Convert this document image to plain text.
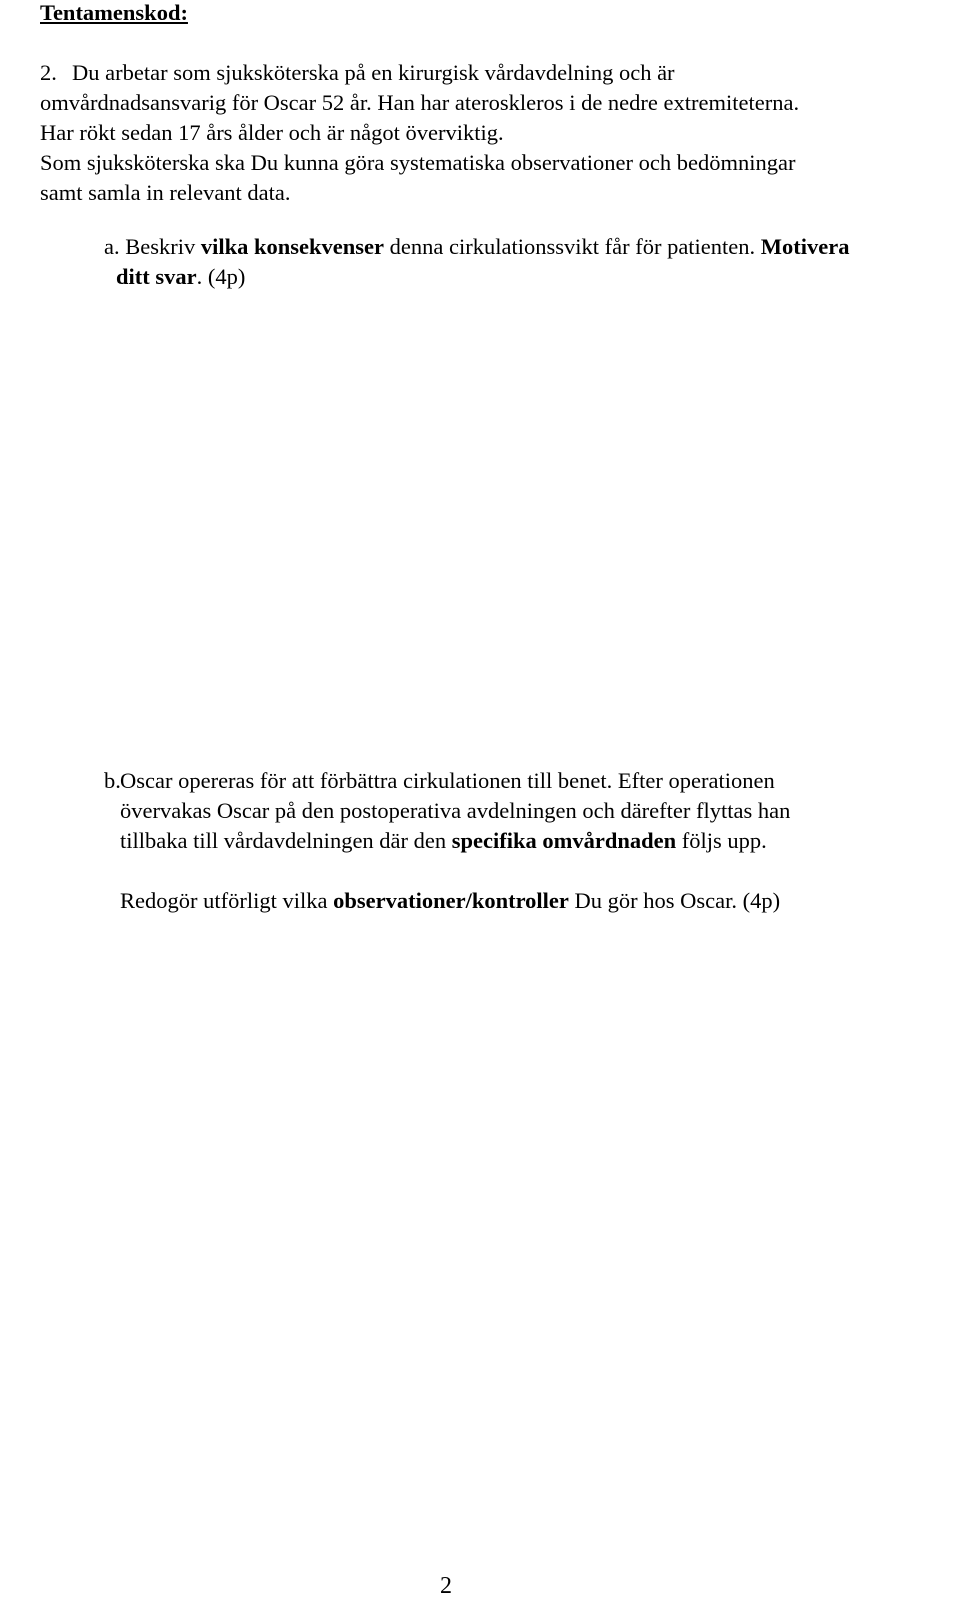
Tentamenskod:
2. Du arbetar som sjuksköterska på en kirurgisk vårdavdelning och är
omvårdnadsansvarig för Oscar 52 år. Han har ateroskleros i de nedre extremiteterna.
Har rökt sedan 17 års ålder och är något överviktig.
Som sjuksköterska ska Du kunna göra systematiska observationer och bedömningar
samt samla in relevant data.
a. Beskriv vilka konsekvenser denna cirkulationssvikt får för patienten. Motivera
ditt svar. (4p)
b. Oscar opereras för att förbättra cirkulationen till benet. Efter operationen
övervakas Oscar på den postoperativa avdelningen och därefter flyttas han
tillbaka till vårdavdelningen där den specifika omvårdnaden följs upp.
Redogör utförligt vilka observationer/kontroller Du gör hos Oscar. (4p)
2
